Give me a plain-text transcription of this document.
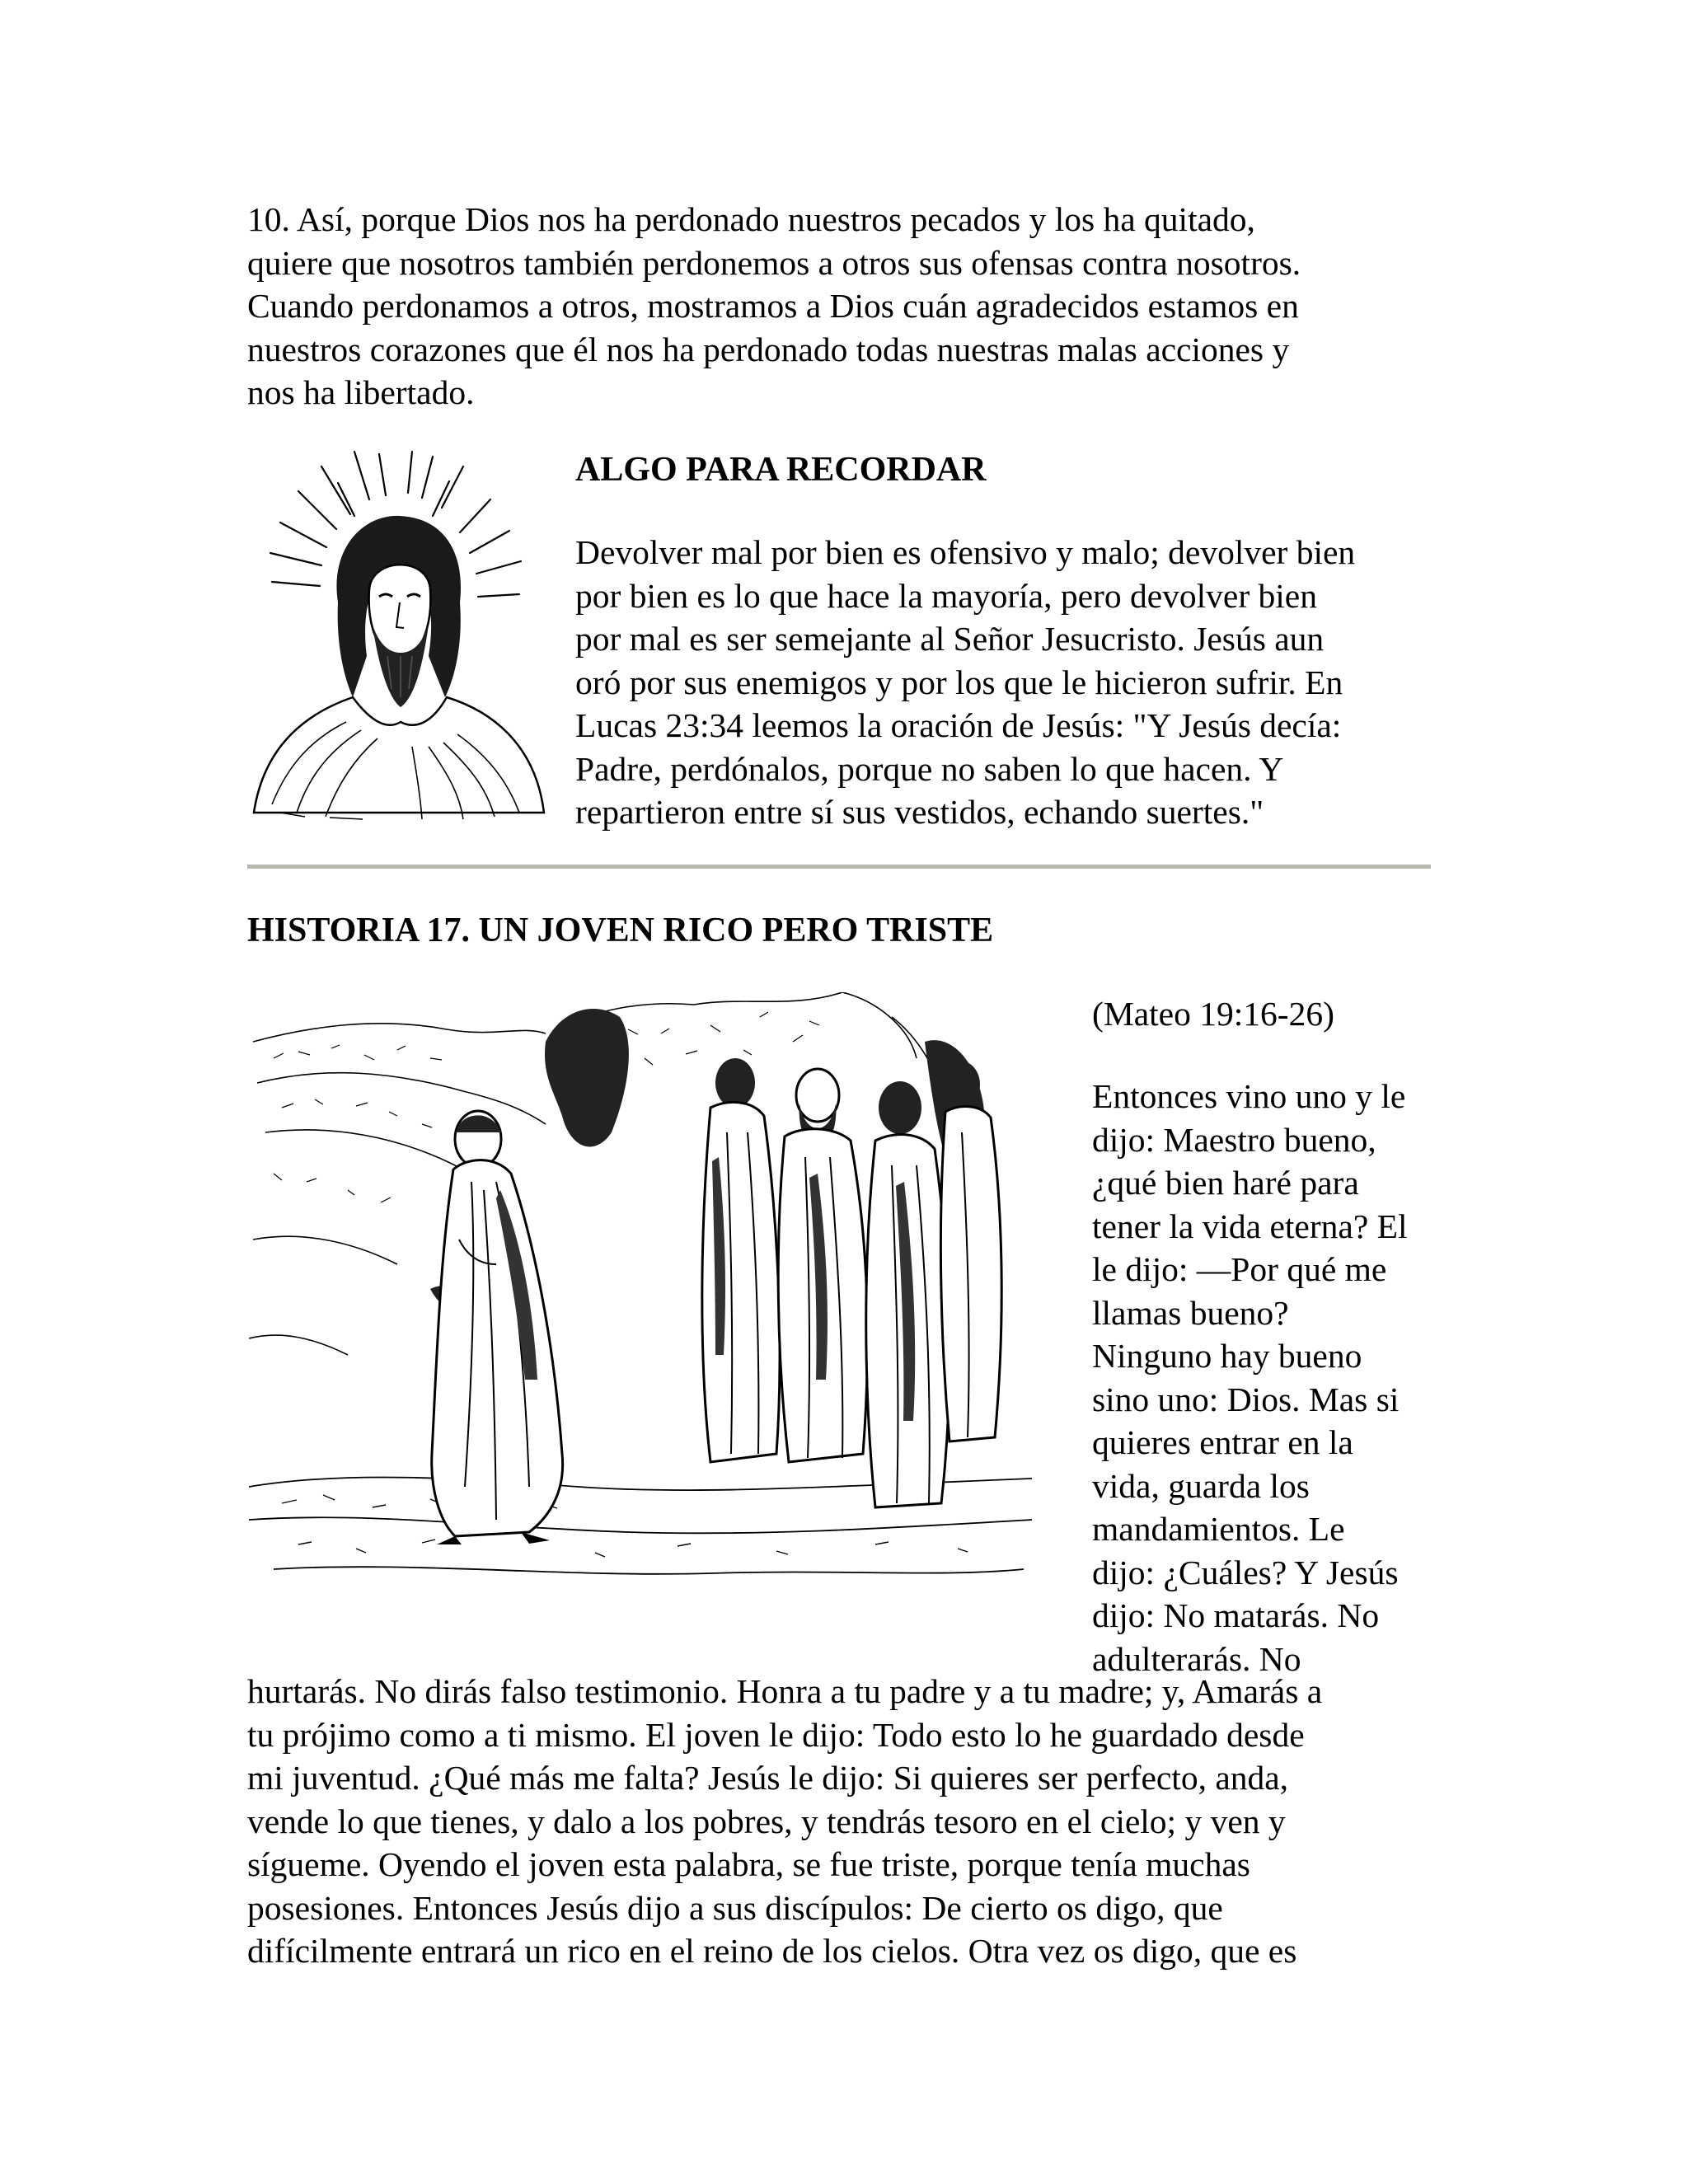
10. Así, porque Dios nos ha perdonado nuestros pecados y los ha quitado,
quiere que nosotros también perdonemos a otros sus ofensas contra nosotros.
Cuando perdonamos a otros, mostramos a Dios cuán agradecidos estamos en
nuestros corazones que él nos ha perdonado todas nuestras malas acciones y
nos ha libertado.

ALGO PARA RECORDAR

Devolver mal por bien es ofensivo y malo; devolver bien
por bien es lo que hace la mayoría, pero devolver bien
por mal es ser semejante al Señor Jesucristo. Jesús aun
oró por sus enemigos y por los que le hicieron sufrir. En
Lucas 23:34 leemos la oración de Jesús: "Y Jesús decía:
Padre, perdónalos, porque no saben lo que hacen. Y
repartieron entre sí sus vestidos, echando suertes."

HISTORIA 17. UN JOVEN RICO PERO TRISTE

(Mateo 19:16-26)

Entonces vino uno y le
dijo: Maestro bueno,
¿qué bien haré para
tener la vida eterna? El
le dijo: —Por qué me
llamas bueno?
Ninguno hay bueno
sino uno: Dios. Mas si
quieres entrar en la
vida, guarda los
mandamientos. Le
dijo: ¿Cuáles? Y Jesús
dijo: No matarás. No
adulterarás. No

hurtarás. No dirás falso testimonio. Honra a tu padre y a tu madre; y, Amarás a
tu prójimo como a ti mismo. El joven le dijo: Todo esto lo he guardado desde
mi juventud. ¿Qué más me falta? Jesús le dijo: Si quieres ser perfecto, anda,
vende lo que tienes, y dalo a los pobres, y tendrás tesoro en el cielo; y ven y
sígueme. Oyendo el joven esta palabra, se fue triste, porque tenía muchas
posesiones. Entonces Jesús dijo a sus discípulos: De cierto os digo, que
difícilmente entrará un rico en el reino de los cielos. Otra vez os digo, que es
